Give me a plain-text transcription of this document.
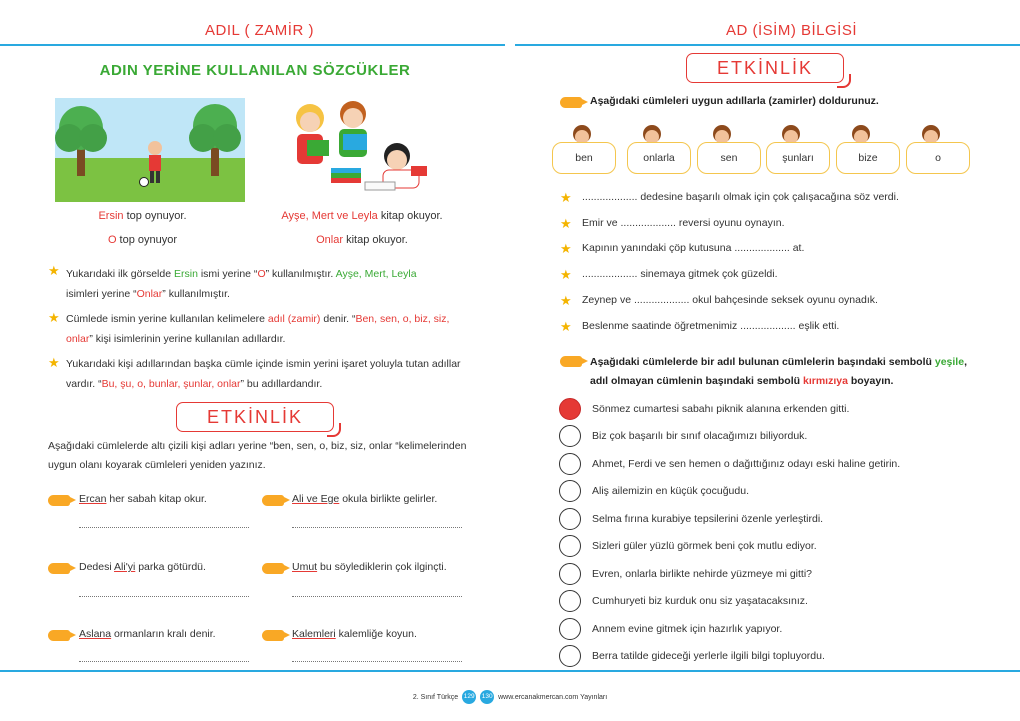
ADIL ( ZAMİR )
ADIN YERİNE KULLANILAN SÖZCÜKLER
Ersin top oynuyor.
O top oynuyor
Ayşe, Mert ve Leyla kitap okuyor.
Onlar kitap okuyor.
★ Yukarıdaki ilk görselde Ersin ismi yerine “O” kullanılmıştır. Ayşe, Mert, Leyla
isimleri yerine “Onlar” kullanılmıştır.
★ Cümlede ismin yerine kullanılan kelimelere adıl (zamir) denir. “Ben, sen, o, biz, siz, onlar” kişi isimlerinin yerine kullanılan adıllardır.
★ Yukarıdaki kişi adıllarından başka cümle içinde ismin yerini işaret yoluyla tutan adıllar vardır. “Bu, şu, o, bunlar, şunlar, onlar” bu adıllardandır.
ETKİNLİK
Aşağıdaki cümlelerde altı çizili kişi adları yerine “ben, sen, o, biz, siz, onlar “kelimelerinden uygun olanı koyarak cümleleri yeniden yazınız.
Ercan her sabah kitap okur.	Ali ve Ege okula birlikte gelirler.
Dedesi Ali'yi parka götürdü.	Umut bu söylediklerin çok ilginçti.
Aslana ormanların kralı denir.	Kalemleri kalemliğe koyun.
AD (İSİM) BİLGİSİ
ETKİNLİK
Aşağıdaki cümleleri uygun adıllarla (zamirler) doldurunuz.
ben	onlarla	sen	şunları	bize	o
★ ................... dedesine başarılı olmak için çok çalışacağına söz verdi.
★ Emir ve ................... reversi oyunu oynayın.
★ Kapının yanındaki çöp kutusuna ................... at.
★ ................... sinemaya gitmek çok güzeldi.
★ Zeynep ve ................... okul bahçesinde seksek oyunu oynadık.
★ Beslenme saatinde öğretmenimiz ................... eşlik etti.
Aşağıdaki cümlelerde bir adıl bulunan cümlelerin başındaki sembolü yeşile,
adıl olmayan cümlenin başındaki sembolü kırmızıya boyayın.
Sönmez cumartesi sabahı piknik alanına erkenden gitti.
Biz çok başarılı bir sınıf olacağımızı biliyorduk.
Ahmet, Ferdi ve sen hemen o dağıttığınız odayı eski haline getirin.
Aliş ailemizin en küçük çocuğudu.
Selma fırına kurabiye tepsilerini özenle yerleştirdi.
Sizleri güler yüzlü görmek beni çok mutlu ediyor.
Evren, onlarla birlikte nehirde yüzmeye mi gitti?
Cumhuryeti biz kurduk onu siz yaşatacaksınız.
Annem evine gitmek için hazırlık yapıyor.
Berra tatilde gideceği yerlerle ilgili bilgi topluyordu.
2. Sınıf Türkçe 129 130 www.ercanakmercan.com Yayınları
